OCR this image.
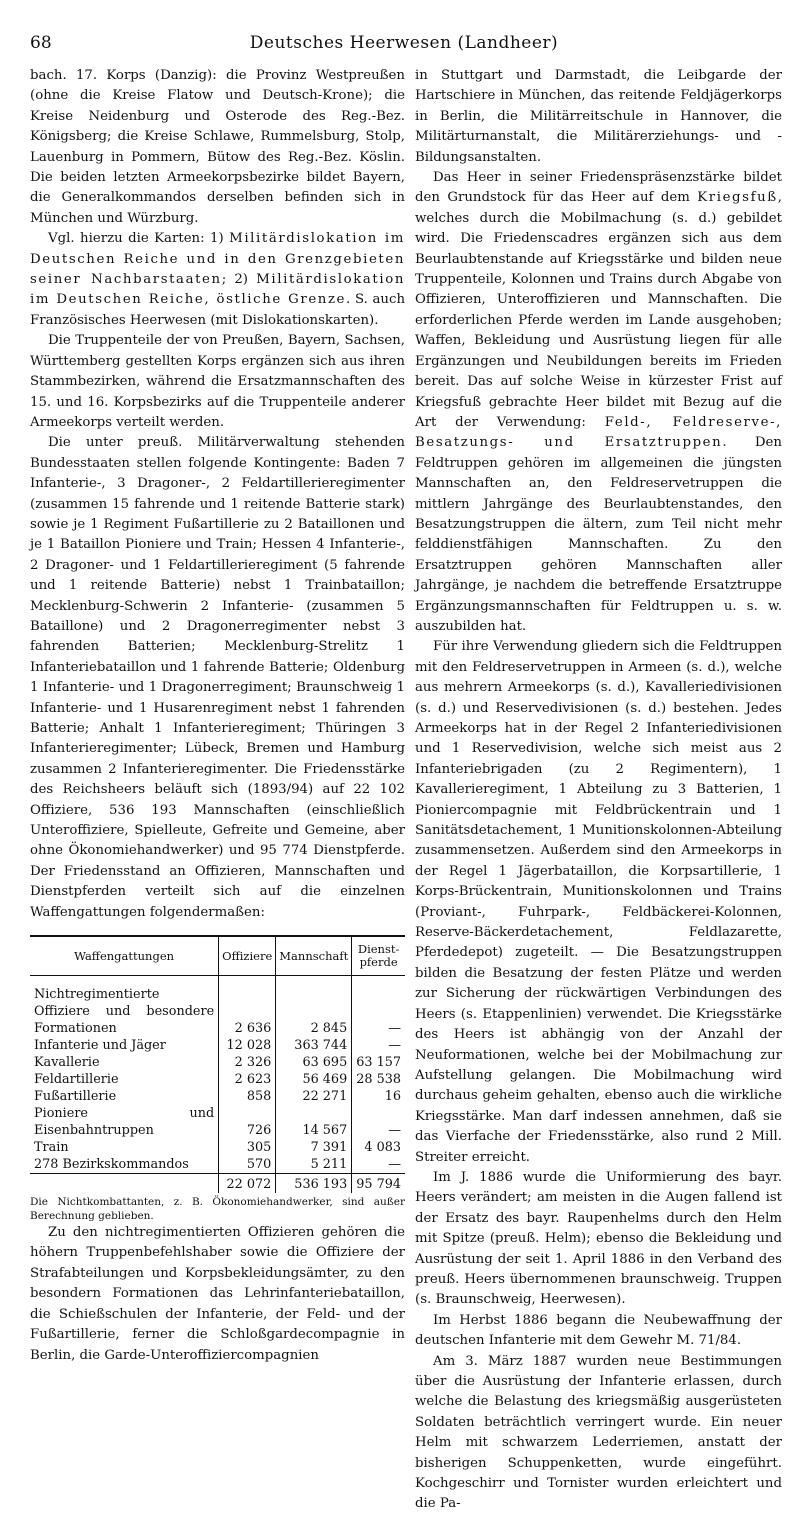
68	Deutsches Heerwesen (Landheer)

bach. 17. Korps (Danzig): die Provinz Westpreußen (ohne die Kreise Flatow und Deutsch-Krone); die Kreise Neidenburg und Osterode des Reg.-Bez. Königsberg; die Kreise Schlawe, Rummelsburg, Stolp, Lauenburg in Pommern, Bütow des Reg.-Bez. Köslin. Die beiden letzten Armeekorpsbezirke bildet Bayern, die Generalkommandos derselben befinden sich in München und Würzburg.

Vgl. hierzu die Karten: 1) Militärdislokation im Deutschen Reiche und in den Grenzgebieten seiner Nachbarstaaten; 2) Militärdislokation im Deutschen Reiche, östliche Grenze. S. auch Französisches Heerwesen (mit Dislokationskarten).

Die Truppenteile der von Preußen, Bayern, Sachsen, Württemberg gestellten Korps ergänzen sich aus ihren Stammbezirken, während die Ersatzmannschaften des 15. und 16. Korpsbezirks auf die Truppenteile anderer Armeekorps verteilt werden.

Die unter preuß. Militärverwaltung stehenden Bundesstaaten stellen folgende Kontingente: Baden 7 Infanterie-, 3 Dragoner-, 2 Feldartillerieregimenter (zusammen 15 fahrende und 1 reitende Batterie stark) sowie je 1 Regiment Fußartillerie zu 2 Bataillonen und je 1 Bataillon Pioniere und Train; Hessen 4 Infanterie-, 2 Dragoner- und 1 Feldartillerieregiment (5 fahrende und 1 reitende Batterie) nebst 1 Trainbataillon; Mecklenburg-Schwerin 2 Infanterie- (zusammen 5 Bataillone) und 2 Dragonerregimenter nebst 3 fahrenden Batterien; Mecklenburg-Strelitz 1 Infanteriebataillon und 1 fahrende Batterie; Oldenburg 1 Infanterie- und 1 Dragonerregiment; Braunschweig 1 Infanterie- und 1 Husarenregiment nebst 1 fahrenden Batterie; Anhalt 1 Infanterieregiment; Thüringen 3 Infanterieregimenter; Lübeck, Bremen und Hamburg zusammen 2 Infanterieregimenter. Die Friedensstärke des Reichsheers beläuft sich (1893/94) auf 22 102 Offiziere, 536 193 Mannschaften (einschließlich Unteroffiziere, Spielleute, Gefreite und Gemeine, aber ohne Ökonomiehandwerker) und 95 774 Dienstpferde. Der Friedensstand an Offizieren, Mannschaften und Dienstpferden verteilt sich auf die einzelnen Waffengattungen folgendermaßen:

Waffengattungen	Offiziere	Mannschaft	Dienst-pferde
Nichtregimentierte Offiziere und besondere Formationen	2 636	2 845	—
Infanterie und Jäger	12 028	363 744	—
Kavallerie	2 326	63 695	63 157
Feldartillerie	2 623	56 469	28 538
Fußartillerie	858	22 271	16
Pioniere und Eisenbahntruppen	726	14 567	—
Train	305	7 391	4 083
278 Bezirkskommandos	570	5 211	—
	22 072	536 193	95 794

Die Nichtkombattanten, z. B. Ökonomiehandwerker, sind außer Berechnung geblieben.

Zu den nichtregimentierten Offizieren gehören die höhern Truppenbefehlshaber sowie die Offiziere der Strafabteilungen und Korpsbekleidungsämter, zu den besondern Formationen das Lehrinfanteriebataillon, die Schießschulen der Infanterie, der Feld- und der Fußartillerie, ferner die Schloßgardecompagnie in Berlin, die Garde-Unteroffiziercompagnien

in Stuttgart und Darmstadt, die Leibgarde der Hartschiere in München, das reitende Feldjägerkorps in Berlin, die Militärreitschule in Hannover, die Militärturnanstalt, die Militärerziehungs- und -Bildungsanstalten.

Das Heer in seiner Friedenspräsenzstärke bildet den Grundstock für das Heer auf dem Kriegsfuß, welches durch die Mobilmachung (s. d.) gebildet wird. Die Friedenscadres ergänzen sich aus dem Beurlaubtenstande auf Kriegsstärke und bilden neue Truppenteile, Kolonnen und Trains durch Abgabe von Offizieren, Unteroffizieren und Mannschaften. Die erforderlichen Pferde werden im Lande ausgehoben; Waffen, Bekleidung und Ausrüstung liegen für alle Ergänzungen und Neubildungen bereits im Frieden bereit. Das auf solche Weise in kürzester Frist auf Kriegsfuß gebrachte Heer bildet mit Bezug auf die Art der Verwendung: Feld-, Feldreserve-, Besatzungs- und Ersatztruppen. Den Feldtruppen gehören im allgemeinen die jüngsten Mannschaften an, den Feldreservetruppen die mittlern Jahrgänge des Beurlaubtenstandes, den Besatzungstruppen die ältern, zum Teil nicht mehr felddienstfähigen Mannschaften. Zu den Ersatztruppen gehören Mannschaften aller Jahrgänge, je nachdem die betreffende Ersatztruppe Ergänzungsmannschaften für Feldtruppen u. s. w. auszubilden hat.

Für ihre Verwendung gliedern sich die Feldtruppen mit den Feldreservetruppen in Armeen (s. d.), welche aus mehrern Armeekorps (s. d.), Kavalleriedivisionen (s. d.) und Reservedivisionen (s. d.) bestehen. Jedes Armeekorps hat in der Regel 2 Infanteriedivisionen und 1 Reservedivision, welche sich meist aus 2 Infanteriebrigaden (zu 2 Regimentern), 1 Kavallerieregiment, 1 Abteilung zu 3 Batterien, 1 Pioniercompagnie mit Feldbrückentrain und 1 Sanitätsdetachement, 1 Munitionskolonnen-Abteilung zusammensetzen. Außerdem sind den Armeekorps in der Regel 1 Jägerbataillon, die Korpsartillerie, 1 Korps-Brückentrain, Munitionskolonnen und Trains (Proviant-, Fuhrpark-, Feldbäckerei-Kolonnen, Reserve-Bäckerdetachement, Feldlazarette, Pferdedepot) zugeteilt. — Die Besatzungstruppen bilden die Besatzung der festen Plätze und werden zur Sicherung der rückwärtigen Verbindungen des Heers (s. Etappenlinien) verwendet. Die Kriegsstärke des Heers ist abhängig von der Anzahl der Neuformationen, welche bei der Mobilmachung zur Aufstellung gelangen. Die Mobilmachung wird durchaus geheim gehalten, ebenso auch die wirkliche Kriegsstärke. Man darf indessen annehmen, daß sie das Vierfache der Friedensstärke, also rund 2 Mill. Streiter erreicht.

Im J. 1886 wurde die Uniformierung des bayr. Heers verändert; am meisten in die Augen fallend ist der Ersatz des bayr. Raupenhelms durch den Helm mit Spitze (preuß. Helm); ebenso die Bekleidung und Ausrüstung der seit 1. April 1886 in den Verband des preuß. Heers übernommenen braunschweig. Truppen (s. Braunschweig, Heerwesen).

Im Herbst 1886 begann die Neubewaffnung der deutschen Infanterie mit dem Gewehr M. 71/84.

Am 3. März 1887 wurden neue Bestimmungen über die Ausrüstung der Infanterie erlassen, durch welche die Belastung des kriegsmäßig ausgerüsteten Soldaten beträchtlich verringert wurde. Ein neuer Helm mit schwarzem Lederriemen, anstatt der bisherigen Schuppenketten, wurde eingeführt. Kochgeschirr und Tornister wurden erleichtert und die Pa-
